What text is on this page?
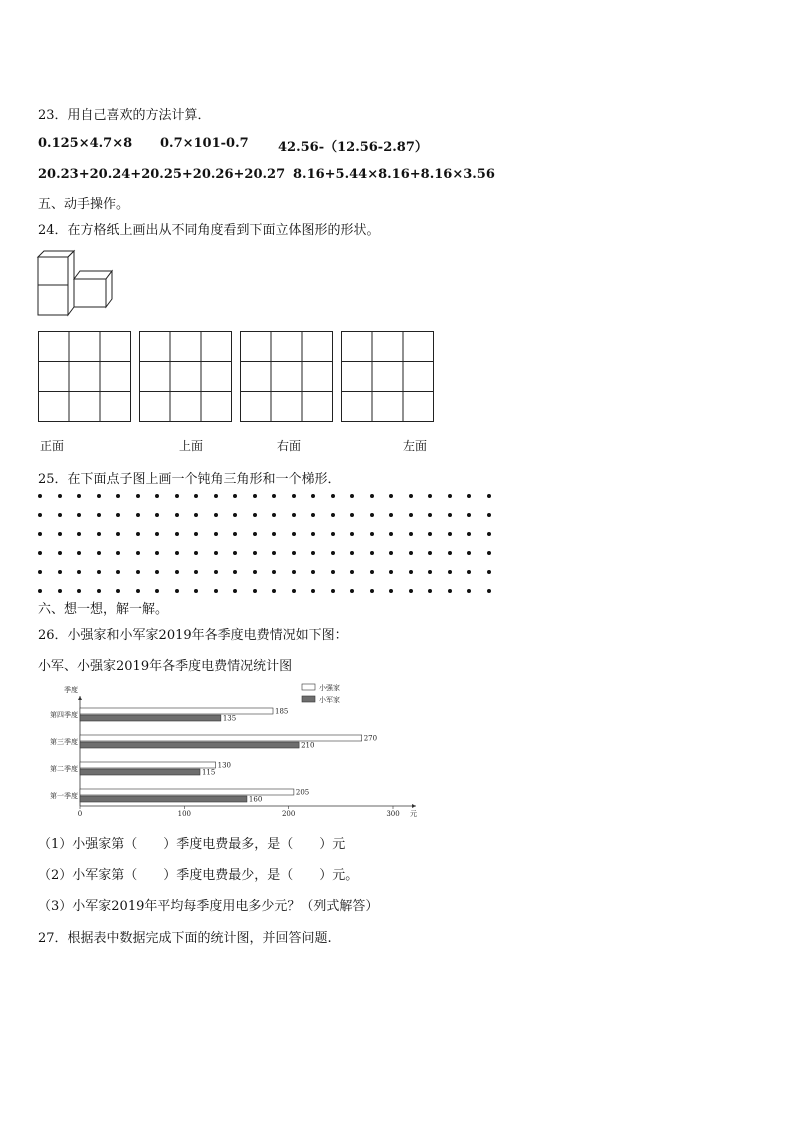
23．用自己喜欢的方法计算．
0.125×4.7×8 0.7×101-0.7 42.56-（12.56-2.87）
20.23+20.24+20.25+20.26+20.27 8.16+5.44×8.16+8.16×3.56
五、动手操作。
24．在方格纸上画出从不同角度看到下面立体图形的形状。
正面	上面	右面	左面
25．在下面点子图上画一个钝角三角形和一个梯形．
六、想一想，解一解。
26．小强家和小军家2019年各季度电费情况如下图：
小军、小强家2019年各季度电费情况统计图
季度
元
0	100	200	300
第一季度	205
160
第二季度	130
115
第三季度	270
210
第四季度	185
135
小强家
小军家
（1）小强家第（　　）季度电费最多，是（　　）元
（2）小军家第（　　）季度电费最少，是（　　）元。
（3）小军家2019年平均每季度用电多少元？（列式解答）
27．根据表中数据完成下面的统计图，并回答问题.
